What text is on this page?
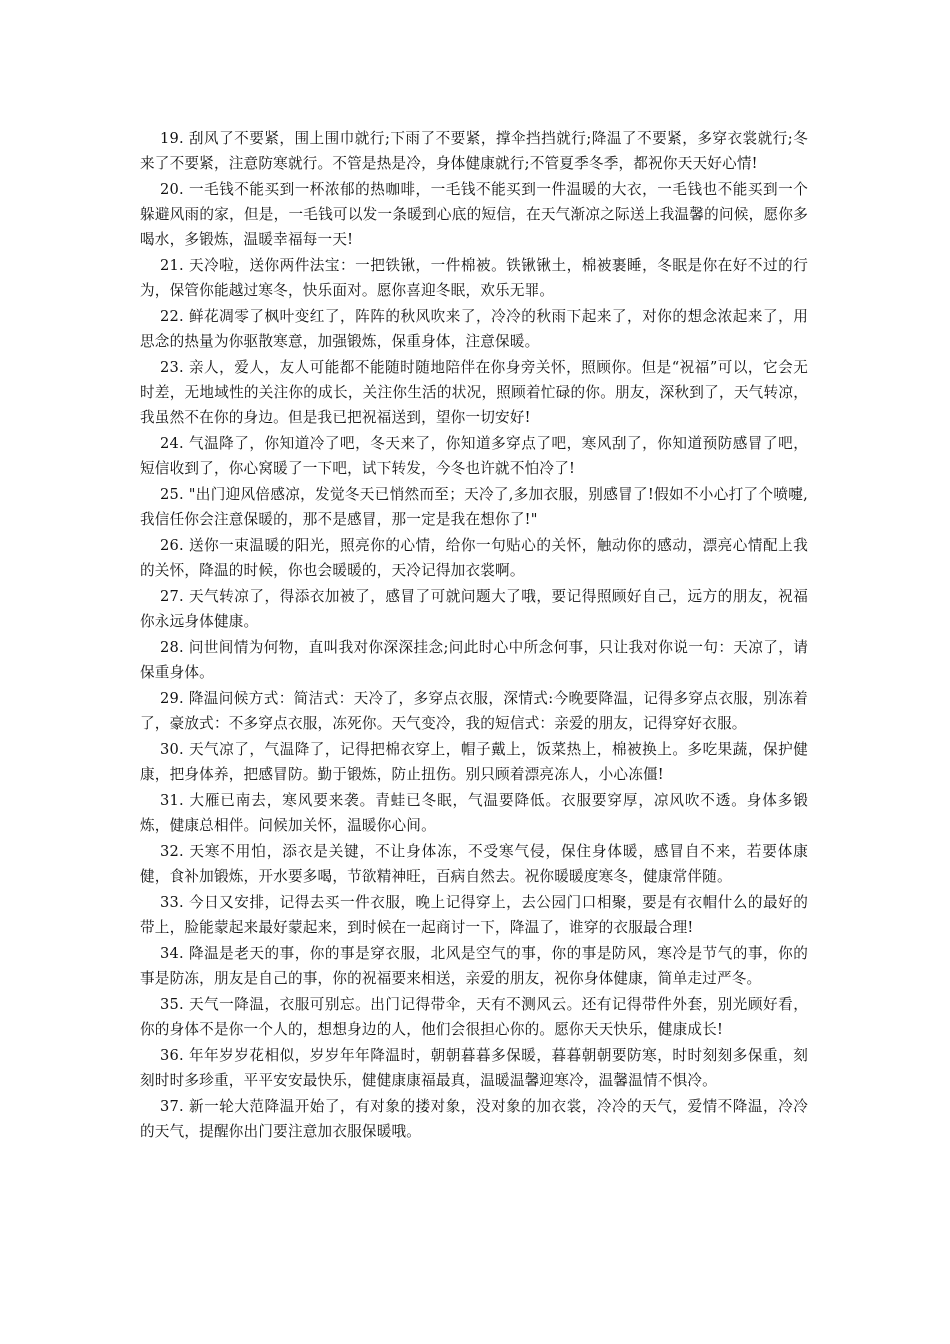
19. 刮风了不要紧，围上围巾就行;下雨了不要紧，撑伞挡挡就行;降温了不要紧，多穿衣裳就行;冬来了不要紧，注意防寒就行。不管是热是冷，身体健康就行;不管夏季冬季，都祝你天天好心情!

20. 一毛钱不能买到一杯浓郁的热咖啡，一毛钱不能买到一件温暖的大衣，一毛钱也不能买到一个躲避风雨的家，但是，一毛钱可以发一条暖到心底的短信，在天气渐凉之际送上我温馨的问候，愿你多喝水，多锻炼，温暖幸福每一天!

21. 天冷啦，送你两件法宝：一把铁锹，一件棉被。铁锹锹土，棉被裹睡，冬眠是你在好不过的行为，保管你能越过寒冬，快乐面对。愿你喜迎冬眠，欢乐无罪。

22. 鲜花凋零了枫叶变红了，阵阵的秋风吹来了，冷冷的秋雨下起来了，对你的想念浓起来了，用思念的热量为你驱散寒意，加强锻炼，保重身体，注意保暖。

23. 亲人，爱人，友人可能都不能随时随地陪伴在你身旁关怀，照顾你。但是“祝福”可以，它会无时差，无地域性的关注你的成长，关注你生活的状况，照顾着忙碌的你。朋友，深秋到了，天气转凉，我虽然不在你的身边。但是我已把祝福送到，望你一切安好!

24. 气温降了，你知道冷了吧，冬天来了，你知道多穿点了吧，寒风刮了，你知道预防感冒了吧，短信收到了，你心窝暖了一下吧，试下转发，今冬也许就不怕冷了!

25. "出门迎风倍感凉，发觉冬天已悄然而至；天冷了,多加衣服，别感冒了!假如不小心打了个喷嚏,我信任你会注意保暖的，那不是感冒，那一定是我在想你了!"

26. 送你一束温暖的阳光，照亮你的心情，给你一句贴心的关怀，触动你的感动，漂亮心情配上我的关怀，降温的时候，你也会暖暖的，天冷记得加衣裳啊。

27. 天气转凉了，得添衣加被了，感冒了可就问题大了哦，要记得照顾好自己，远方的朋友，祝福你永远身体健康。

28. 问世间情为何物，直叫我对你深深挂念;问此时心中所念何事，只让我对你说一句：天凉了，请保重身体。

29. 降温问候方式：简洁式：天冷了，多穿点衣服，深情式:今晚要降温，记得多穿点衣服，别冻着了，豪放式：不多穿点衣服，冻死你。天气变冷，我的短信式：亲爱的朋友，记得穿好衣服。

30. 天气凉了，气温降了，记得把棉衣穿上，帽子戴上，饭菜热上，棉被换上。多吃果蔬，保护健康，把身体养，把感冒防。勤于锻炼，防止扭伤。别只顾着漂亮冻人，小心冻僵!

31. 大雁已南去，寒风要来袭。青蛙已冬眠，气温要降低。衣服要穿厚，凉风吹不透。身体多锻炼，健康总相伴。问候加关怀，温暖你心间。

32. 天寒不用怕，添衣是关键，不让身体冻，不受寒气侵，保住身体暖，感冒自不来，若要体康健，食补加锻炼，开水要多喝，节欲精神旺，百病自然去。祝你暖暖度寒冬，健康常伴随。

33. 今日又安排，记得去买一件衣服，晚上记得穿上，去公园门口相聚，要是有衣帽什么的最好的带上，脸能蒙起来最好蒙起来，到时候在一起商讨一下，降温了，谁穿的衣服最合理!

34. 降温是老天的事，你的事是穿衣服，北风是空气的事，你的事是防风，寒冷是节气的事，你的事是防冻，朋友是自己的事，你的祝福要来相送，亲爱的朋友，祝你身体健康，简单走过严冬。

35. 天气一降温，衣服可别忘。出门记得带伞，天有不测风云。还有记得带件外套，别光顾好看，你的身体不是你一个人的，想想身边的人，他们会很担心你的。愿你天天快乐，健康成长!

36. 年年岁岁花相似，岁岁年年降温时，朝朝暮暮多保暖，暮暮朝朝要防寒，时时刻刻多保重，刻刻时时多珍重，平平安安最快乐，健健康康福最真，温暖温馨迎寒冷，温馨温情不惧冷。

37. 新一轮大范降温开始了，有对象的搂对象，没对象的加衣裳，冷冷的天气，爱情不降温，冷冷的天气，提醒你出门要注意加衣服保暖哦。
